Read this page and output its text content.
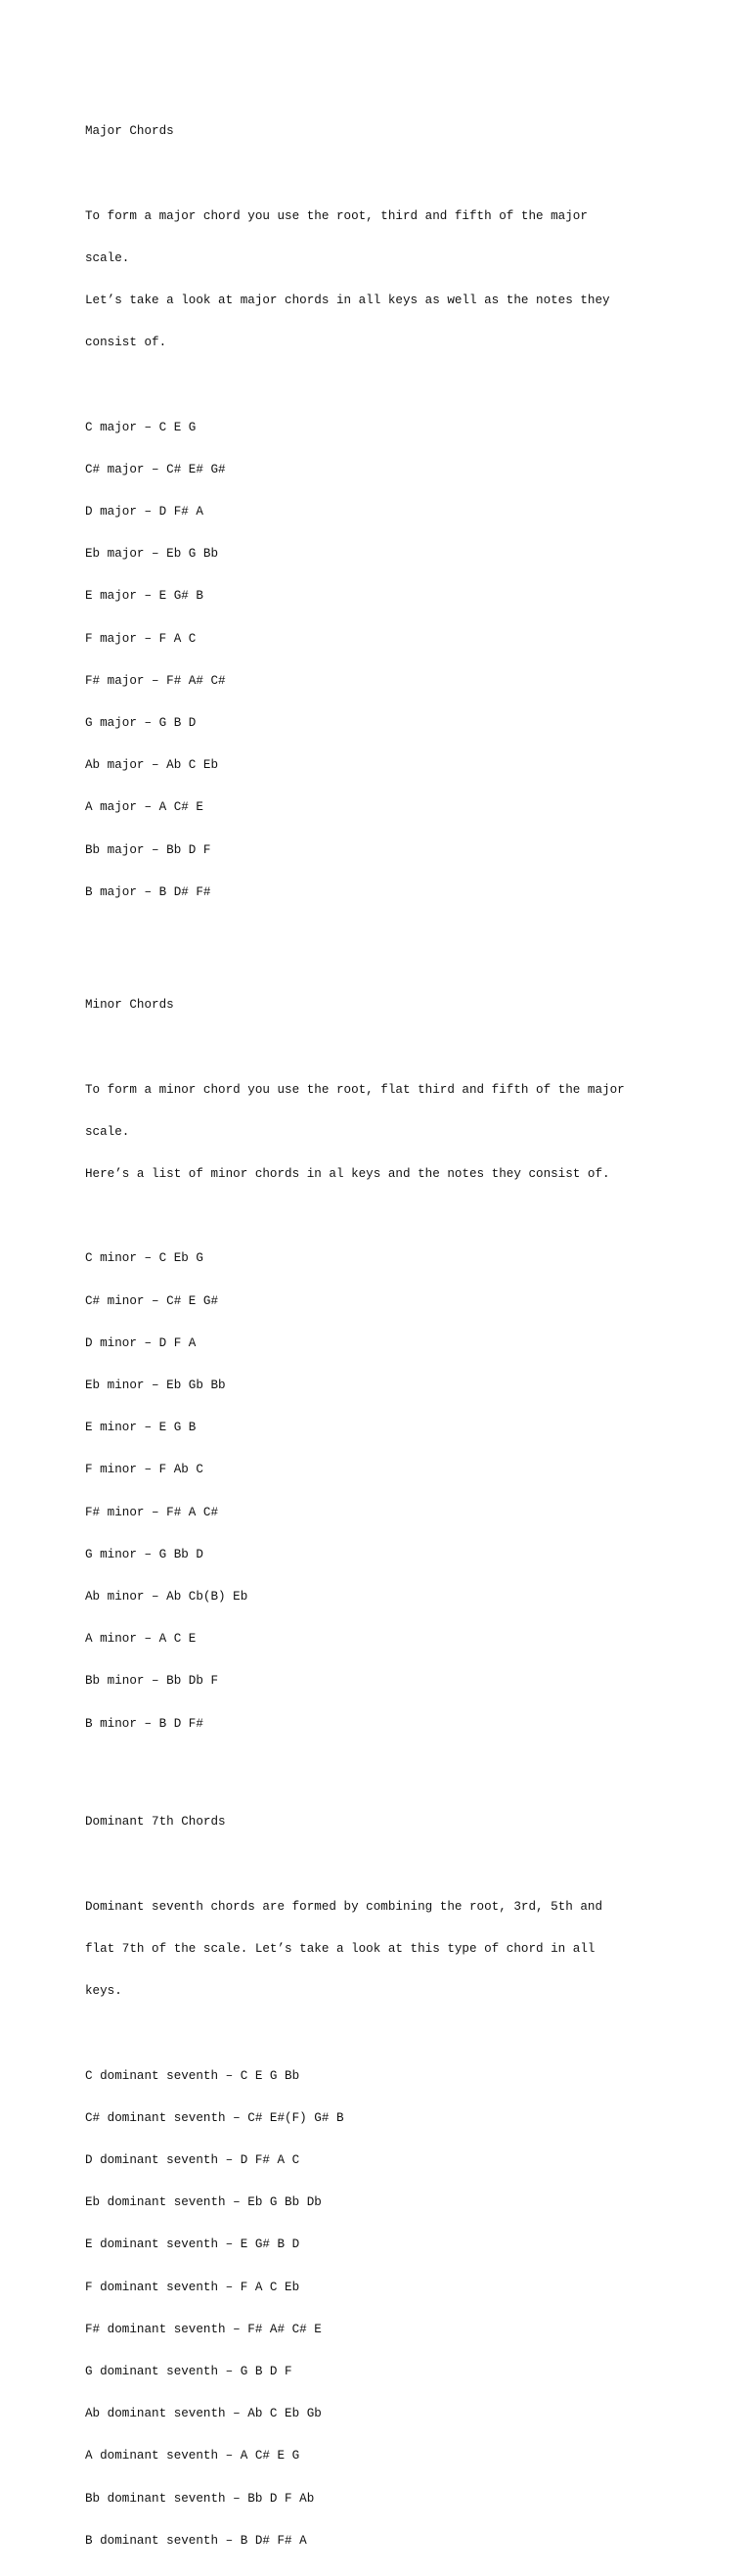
Major Chords

To form a major chord you use the root, third and fifth of the major

scale.

Let’s take a look at major chords in all keys as well as the notes they

consist of.

C major – C E G

C# major – C# E# G#

D major – D F# A

Eb major – Eb G Bb

E major – E G# B

F major – F A C

F# major – F# A# C#

G major – G B D

Ab major – Ab C Eb

A major – A C# E

Bb major – Bb D F

B major – B D# F#

Minor Chords

To form a minor chord you use the root, flat third and fifth of the major

scale.

Here’s a list of minor chords in al keys and the notes they consist of.

C minor – C Eb G

C# minor – C# E G#

D minor – D F A

Eb minor – Eb Gb Bb

E minor – E G B

F minor – F Ab C

F# minor – F# A C#

G minor – G Bb D

Ab minor – Ab Cb(B) Eb

A minor – A C E

Bb minor – Bb Db F

B minor – B D F#

Dominant 7th Chords

Dominant seventh chords are formed by combining the root, 3rd, 5th and

flat 7th of the scale. Let’s take a look at this type of chord in all

keys.

C dominant seventh – C E G Bb

C# dominant seventh – C# E#(F) G# B

D dominant seventh – D F# A C

Eb dominant seventh – Eb G Bb Db

E dominant seventh – E G# B D

F dominant seventh – F A C Eb

F# dominant seventh – F# A# C# E

G dominant seventh – G B D F

Ab dominant seventh – Ab C Eb Gb

A dominant seventh – A C# E G

Bb dominant seventh – Bb D F Ab

B dominant seventh – B D# F# A
